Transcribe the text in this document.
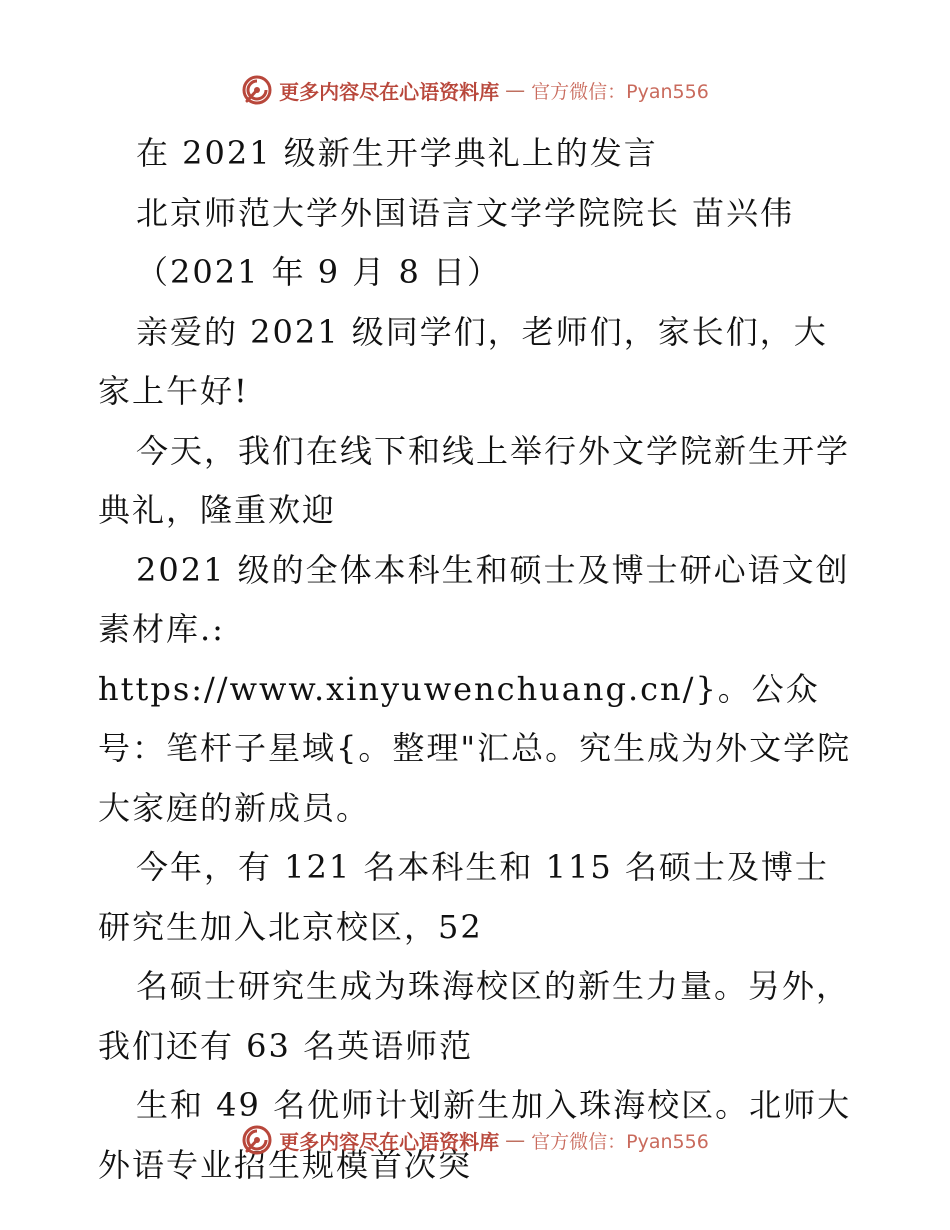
更多内容尽在心语资料库 — 官方微信：Pyan556

在 2021 级新生开学典礼上的发言

北京师范大学外国语言文学学院院长 苗兴伟

（2021 年 9 月 8 日）

亲爱的 2021 级同学们，老师们，家长们，大家上午好!

今天，我们在线下和线上举行外文学院新生开学典礼，隆重欢迎

2021 级的全体本科生和硕士及博士研心语文创素材库.: https://www.xinyuwenchuang.cn/}。公众号：笔杆子星域{。整理"汇总。究生成为外文学院大家庭的新成员。

今年，有 121 名本科生和 115 名硕士及博士研究生加入北京校区，52

名硕士研究生成为珠海校区的新生力量。另外，我们还有 63 名英语师范

生和 49 名优师计划新生加入珠海校区。北师大外语专业招生规模首次突

更多内容尽在心语资料库 — 官方微信：Pyan556
